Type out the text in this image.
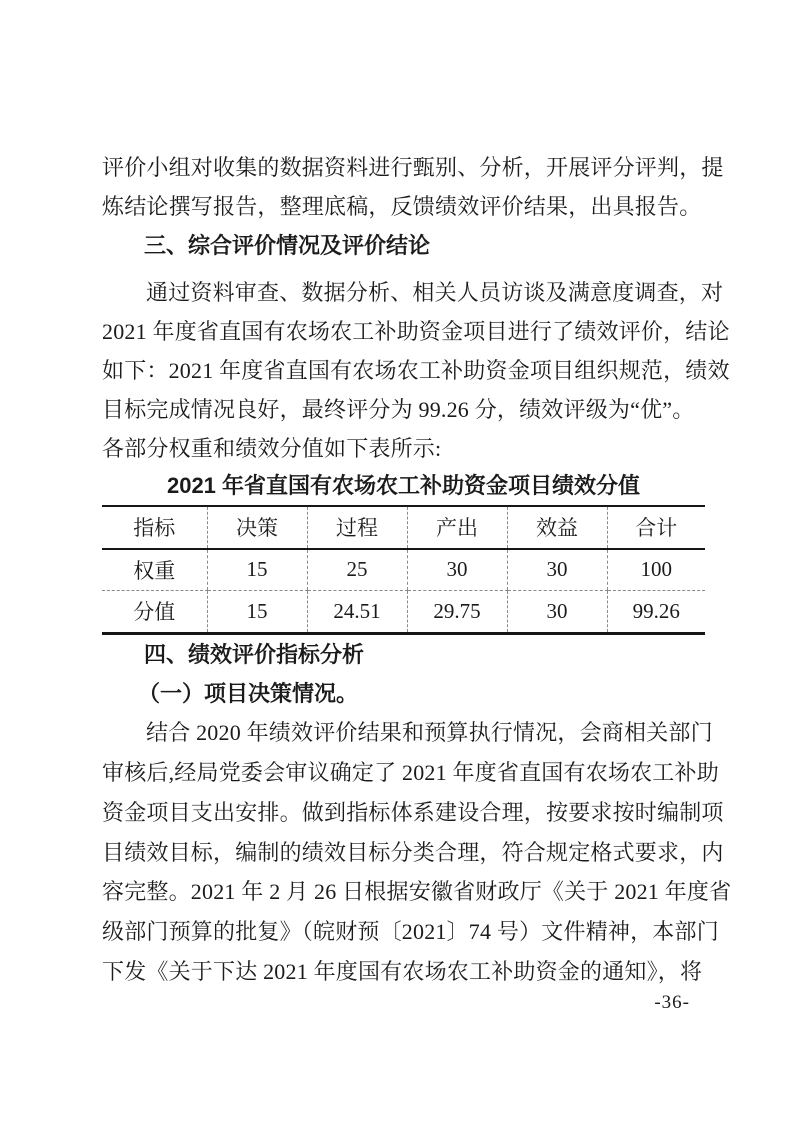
评价小组对收集的数据资料进行甄别、分析，开展评分评判，提
炼结论撰写报告，整理底稿，反馈绩效评价结果，出具报告。
三、综合评价情况及评价结论
通过资料审查、数据分析、相关人员访谈及满意度调查，对
2021 年度省直国有农场农工补助资金项目进行了绩效评价，结论
如下：2021 年度省直国有农场农工补助资金项目组织规范，绩效
目标完成情况良好，最终评分为 99.26 分，绩效评级为“优”。
各部分权重和绩效分值如下表所示:
2021 年省直国有农场农工补助资金项目绩效分值
指标	决策	过程	产出	效益	合计
权重	15	25	30	30	100
分值	15	24.51	29.75	30	99.26
四、绩效评价指标分析
（一）项目决策情况。
结合 2020 年绩效评价结果和预算执行情况，会商相关部门
审核后,经局党委会审议确定了 2021 年度省直国有农场农工补助
资金项目支出安排。做到指标体系建设合理，按要求按时编制项
目绩效目标，编制的绩效目标分类合理，符合规定格式要求，内
容完整。2021 年 2 月 26 日根据安徽省财政厅《关于 2021 年度省
级部门预算的批复》（皖财预〔2021〕74 号）文件精神，本部门
下发《关于下达 2021 年度国有农场农工补助资金的通知》，将
-36-
